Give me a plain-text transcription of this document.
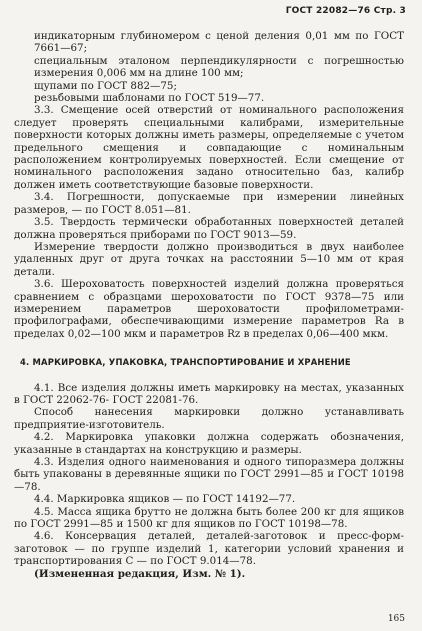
ГОСТ 22082—76 Стр. 3

индикаторным глубиномером с ценой деления 0,01 мм по ГОСТ 7661—67;

специальным эталоном перпендикулярности с погрешностью измерения 0,006 мм на длине 100 мм;

щупами по ГОСТ 882—75;

резьбовыми шаблонами по ГОСТ 519—77.

3.3. Смещение осей отверстий от номинального расположения следует проверять специальными калибрами, измерительные поверхности которых должны иметь размеры, определяемые с учетом предельного смещения и совпадающие с номинальным расположением контролируемых поверхностей. Если смещение от номинального расположения задано относительно баз, калибр должен иметь соответствующие базовые поверхности.

3.4. Погрешности, допускаемые при измерении линейных размеров, — по ГОСТ 8.051—81.

3.5. Твердость термически обработанных поверхностей деталей должна проверяться приборами по ГОСТ 9013—59.

Измерение твердости должно производиться в двух наиболее удаленных друг от друга точках на расстоянии 5—10 мм от края детали.

3.6. Шероховатость поверхностей изделий должна проверяться сравнением с образцами шероховатости по ГОСТ 9378—75 или измерением параметров шероховатости профилометрами-профилографами, обеспечивающими измерение параметров Ra в пределах 0,02—100 мкм и параметров Rz в пределах 0,06—400 мкм.

4. МАРКИРОВКА, УПАКОВКА, ТРАНСПОРТИРОВАНИЕ И ХРАНЕНИЕ

4.1. Все изделия должны иметь маркировку на местах, указанных в ГОСТ 22062-76- ГОСТ 22081-76.

Способ нанесения маркировки должно устанавливать предприятие-изготовитель.

4.2. Маркировка упаковки должна содержать обозначения, указанные в стандартах на конструкцию и размеры.

4.3. Изделия одного наименования и одного типоразмера должны быть упакованы в деревянные ящики по ГОСТ 2991—85 и ГОСТ 10198—78.

4.4. Маркировка ящиков — по ГОСТ 14192—77.

4.5. Масса ящика брутто не должна быть более 200 кг для ящиков по ГОСТ 2991—85 и 1500 кг для ящиков по ГОСТ 10198—78.

4.6. Консервация деталей, деталей-заготовок и пресс-форм-заготовок — по группе изделий 1, категории условий хранения и транспортирования С — по ГОСТ 9.014—78.

(Измененная редакция, Изм. № 1).

165
